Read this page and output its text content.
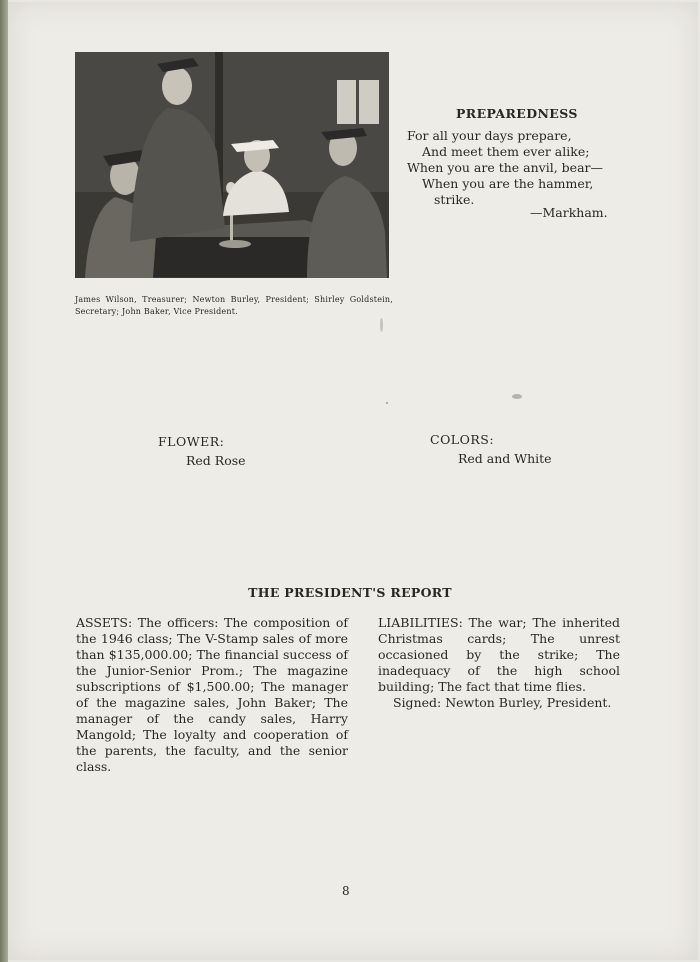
James Wilson, Treasurer; Newton Burley, President; Shirley Goldstein, Secretary; John Baker, Vice President.
PREPAREDNESS
For all your days prepare,
And meet them ever alike;
When you are the anvil, bear—
When you are the hammer,
strike.
—Markham.
FLOWER:
Red Rose
COLORS:
Red and White
THE PRESIDENT'S REPORT
ASSETS: The officers: The composition of the 1946 class; The V-Stamp sales of more than $135,000.00; The financial success of the Junior-Senior Prom.; The magazine subscriptions of $1,500.00; The manager of the magazine sales, John Baker; The manager of the candy sales, Harry Mangold; The loyalty and cooperation of the parents, the faculty, and the senior class.
LIABILITIES: The war; The inherited Christmas cards; The unrest occasioned by the strike; The inadequacy of the high school building; The fact that time flies.
Signed: Newton Burley, President.
8
